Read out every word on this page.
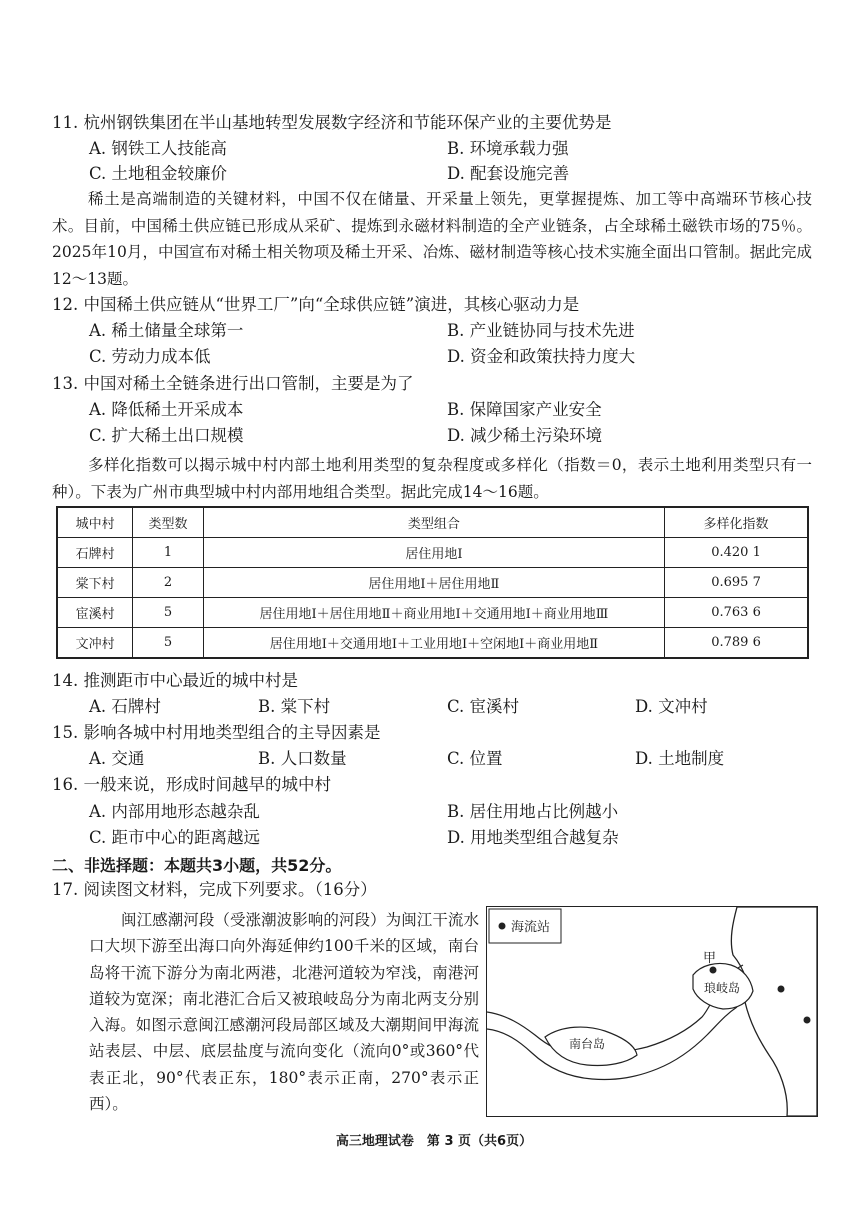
11. 杭州钢铁集团在半山基地转型发展数字经济和节能环保产业的主要优势是
A. 钢铁工人技能高	B. 环境承载力强
C. 土地租金较廉价	D. 配套设施完善
稀土是高端制造的关键材料，中国不仅在储量、开采量上领先，更掌握提炼、加工等中高端环节核心技术。目前，中国稀土供应链已形成从采矿、提炼到永磁材料制造的全产业链条，占全球稀土磁铁市场的75％。2025年10月，中国宣布对稀土相关物项及稀土开采、冶炼、磁材制造等核心技术实施全面出口管制。据此完成12～13题。
12. 中国稀土供应链从“世界工厂”向“全球供应链”演进，其核心驱动力是
A. 稀土储量全球第一	B. 产业链协同与技术先进
C. 劳动力成本低	D. 资金和政策扶持力度大
13. 中国对稀土全链条进行出口管制，主要是为了
A. 降低稀土开采成本	B. 保障国家产业安全
C. 扩大稀土出口规模	D. 减少稀土污染环境
多样化指数可以揭示城中村内部土地利用类型的复杂程度或多样化（指数＝0，表示土地利用类型只有一种）。下表为广州市典型城中村内部用地组合类型。据此完成14～16题。
城中村	类型数	类型组合	多样化指数
石牌村	1	居住用地Ⅰ	0.420 1
棠下村	2	居住用地Ⅰ＋居住用地Ⅱ	0.695 7
宦溪村	5	居住用地Ⅰ＋居住用地Ⅱ＋商业用地Ⅰ＋交通用地Ⅰ＋商业用地Ⅲ	0.763 6
文冲村	5	居住用地Ⅰ＋交通用地Ⅰ＋工业用地Ⅰ＋空闲地Ⅰ＋商业用地Ⅱ	0.789 6
14. 推测距市中心最近的城中村是
A. 石牌村	B. 棠下村	C. 宦溪村	D. 文冲村
15. 影响各城中村用地类型组合的主导因素是
A. 交通	B. 人口数量	C. 位置	D. 土地制度
16. 一般来说，形成时间越早的城中村
A. 内部用地形态越杂乱	B. 居住用地占比例越小
C. 距市中心的距离越远	D. 用地类型组合越复杂
二、非选择题：本题共3小题，共52分。
17. 阅读图文材料，完成下列要求。（16分）
闽江感潮河段（受涨潮波影响的河段）为闽江干流水口大坝下游至出海口向外海延伸约100千米的区域，南台岛将干流下游分为南北两港，北港河道较为窄浅，南港河道较为宽深；南北港汇合后又被琅岐岛分为南北两支分别入海。如图示意闽江感潮河段局部区域及大潮期间甲海流站表层、中层、底层盐度与流向变化（流向0°或360°代表正北，90°代表正东，180°表示正南，270°表示正西）。
海流站
甲
琅岐岛
南台岛
高三地理试卷　第 3 页（共6页）
